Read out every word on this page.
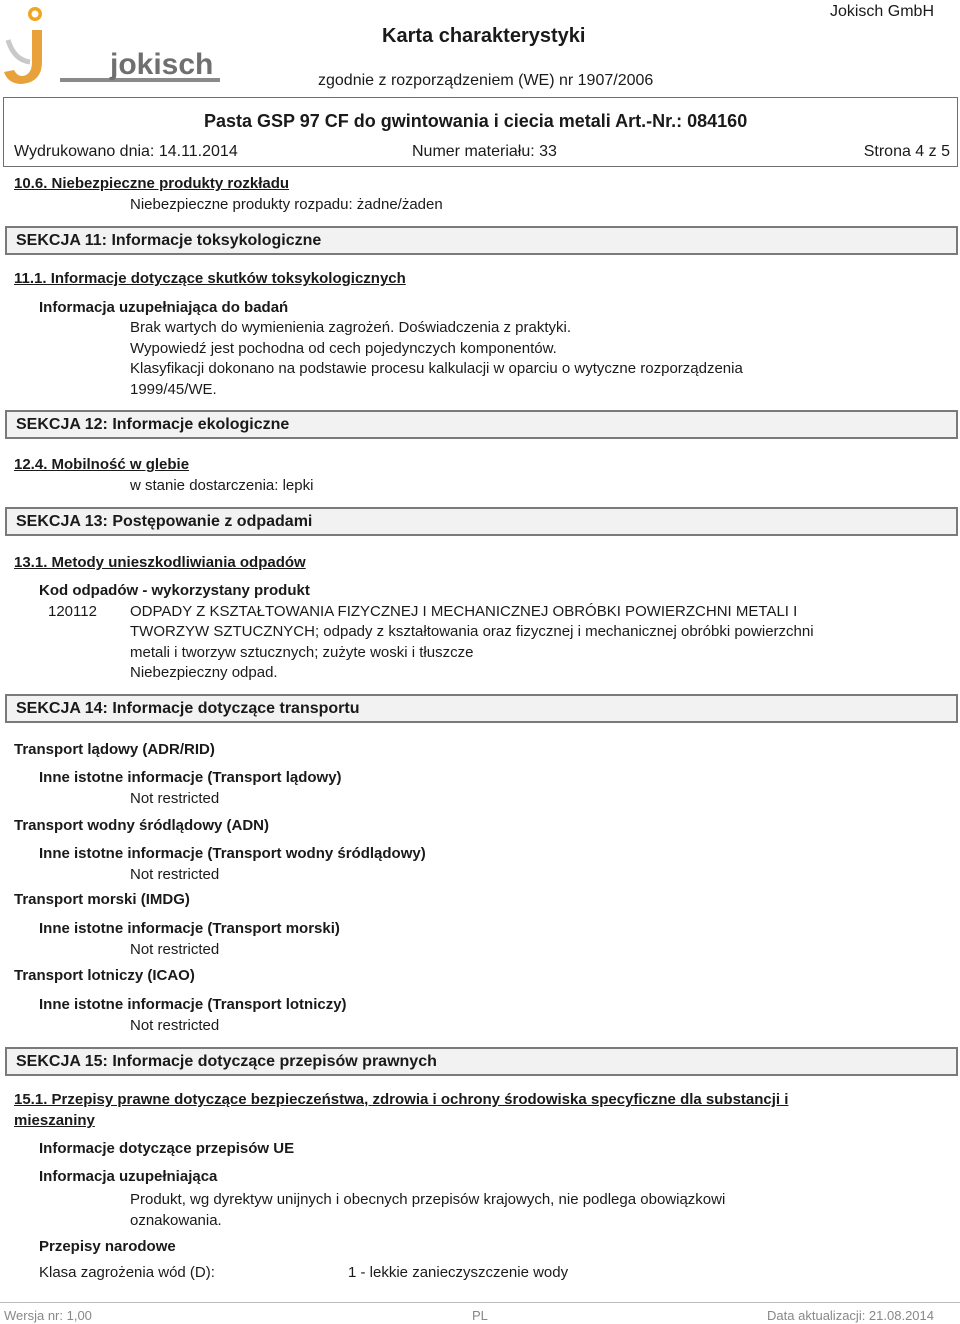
jokisch
Jokisch GmbH
Karta charakterystyki
zgodnie z rozporządzeniem (WE) nr 1907/2006
Pasta GSP 97 CF do gwintowania i ciecia metali Art.-Nr.: 084160
Wydrukowano dnia: 14.11.2014	Numer materiału: 33	Strona 4 z 5
10.6. Niebezpieczne produkty rozkładu
Niebezpieczne produkty rozpadu: żadne/żaden
SEKCJA 11: Informacje toksykologiczne
11.1. Informacje dotyczące skutków toksykologicznych
Informacja uzupełniająca do badań
Brak wartych do wymienienia zagrożeń. Doświadczenia z praktyki.
Wypowiedź jest pochodna od cech pojedynczych komponentów.
Klasyfikacji dokonano na podstawie procesu kalkulacji w oparciu o wytyczne rozporządzenia
1999/45/WE.
SEKCJA 12: Informacje ekologiczne
12.4. Mobilność w glebie
w stanie dostarczenia: lepki
SEKCJA 13: Postępowanie z odpadami
13.1. Metody unieszkodliwiania odpadów
Kod odpadów - wykorzystany produkt
120112 ODPADY Z KSZTAŁTOWANIA FIZYCZNEJ I MECHANICZNEJ OBRÓBKI POWIERZCHNI METALI I
TWORZYW SZTUCZNYCH; odpady z kształtowania oraz fizycznej i mechanicznej obróbki powierzchni
metali i tworzyw sztucznych; zużyte woski i tłuszcze
Niebezpieczny odpad.
SEKCJA 14: Informacje dotyczące transportu
Transport lądowy (ADR/RID)
Inne istotne informacje (Transport lądowy)
Not restricted
Transport wodny śródlądowy (ADN)
Inne istotne informacje (Transport wodny śródlądowy)
Not restricted
Transport morski (IMDG)
Inne istotne informacje (Transport morski)
Not restricted
Transport lotniczy (ICAO)
Inne istotne informacje (Transport lotniczy)
Not restricted
SEKCJA 15: Informacje dotyczące przepisów prawnych
15.1. Przepisy prawne dotyczące bezpieczeństwa, zdrowia i ochrony środowiska specyficzne dla substancji i
mieszaniny
Informacje dotyczące przepisów UE
Informacja uzupełniająca
Produkt, wg dyrektyw unijnych i obecnych przepisów krajowych, nie podlega obowiązkowi
oznakowania.
Przepisy narodowe
Klasa zagrożenia wód (D):	1 - lekkie zanieczyszczenie wody
Wersja nr: 1,00	PL	Data aktualizacji: 21.08.2014
